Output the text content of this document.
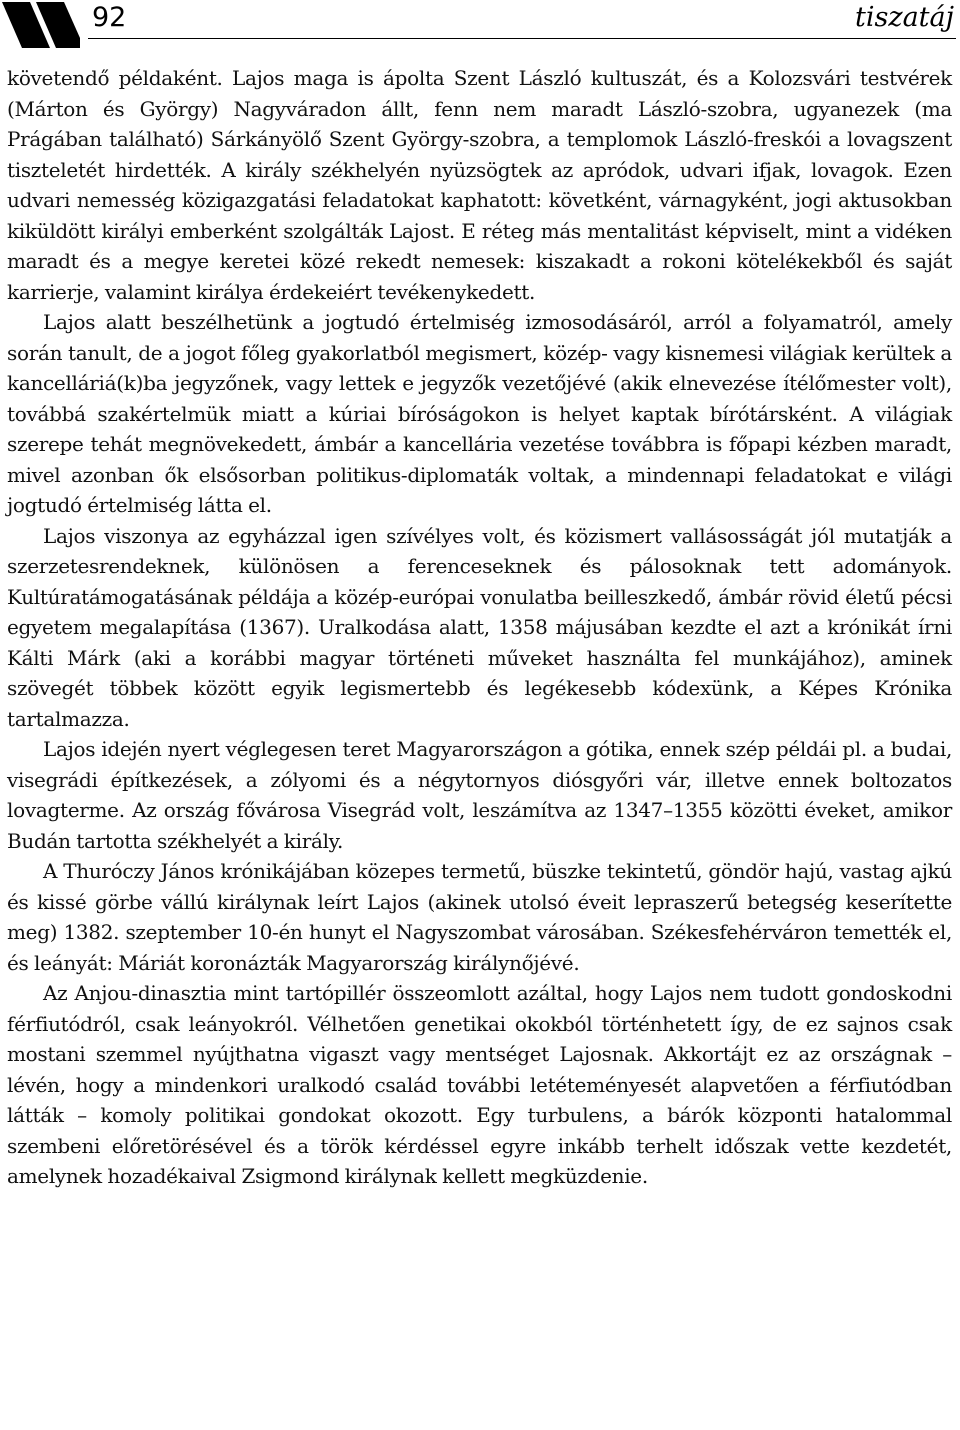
92	tiszatáj

követendő példaként. Lajos maga is ápolta Szent László kultuszát, és a Kolozsvári testvérek (Márton és György) Nagyváradon állt, fenn nem maradt László-szobra, ugyanezek (ma Prágában található) Sárkányölő Szent György-szobra, a templomok László-freskói a lovagszent tiszteletét hirdették. A király székhelyén nyüzsögtek az apródok, udvari ifjak, lovagok. Ezen udvari nemesség közigazgatási feladatokat kaphatott: követként, várnagyként, jogi aktusokban kiküldött királyi emberként szolgálták Lajost. E réteg más mentalitást képviselt, mint a vidéken maradt és a megye keretei közé rekedt nemesek: kiszakadt a rokoni kötelékekből és saját karrierje, valamint királya érdekeiért tevékenykedett.

Lajos alatt beszélhetünk a jogtudó értelmiség izmosodásáról, arról a folyamatról, amely során tanult, de a jogot főleg gyakorlatból megismert, közép- vagy kisnemesi világiak kerültek a kancelláriá(k)ba jegyzőnek, vagy lettek e jegyzők vezetőjévé (akik elnevezése ítélőmester volt), továbbá szakértelmük miatt a kúriai bíróságokon is helyet kaptak bírótársként. A világiak szerepe tehát megnövekedett, ámbár a kancellária vezetése továbbra is főpapi kézben maradt, mivel azonban ők elsősorban politikus-diplomaták voltak, a mindennapi feladatokat e világi jogtudó értelmiség látta el.

Lajos viszonya az egyházzal igen szívélyes volt, és közismert vallásosságát jól mutatják a szerzetesrendeknek, különösen a ferenceseknek és pálosoknak tett adományok. Kultúratámogatásának példája a közép-európai vonulatba beilleszkedő, ámbár rövid életű pécsi egyetem megalapítása (1367). Uralkodása alatt, 1358 májusában kezdte el azt a krónikát írni Kálti Márk (aki a korábbi magyar történeti műveket használta fel munkájához), aminek szövegét többek között egyik legismertebb és legékesebb kódexünk, a Képes Krónika tartalmazza.

Lajos idején nyert véglegesen teret Magyarországon a gótika, ennek szép példái pl. a budai, visegrádi építkezések, a zólyomi és a négytornyos diósgyőri vár, illetve ennek boltozatos lovagterme. Az ország fővárosa Visegrád volt, leszámítva az 1347–1355 közötti éveket, amikor Budán tartotta székhelyét a király.

A Thuróczy János krónikájában közepes termetű, büszke tekintetű, göndör hajú, vastag ajkú és kissé görbe vállú királynak leírt Lajos (akinek utolsó éveit lepraszerű betegség keserítette meg) 1382. szeptember 10-én hunyt el Nagyszombat városában. Székesfehérváron temették el, és leányát: Máriát koronázták Magyarország királynőjévé.

Az Anjou-dinasztia mint tartópillér összeomlott azáltal, hogy Lajos nem tudott gondoskodni férfiutódról, csak leányokról. Vélhetően genetikai okokból történhetett így, de ez sajnos csak mostani szemmel nyújthatna vigaszt vagy mentséget Lajosnak. Akkortájt ez az országnak – lévén, hogy a mindenkori uralkodó család további letéteményesét alapvetően a férfiutódban látták – komoly politikai gondokat okozott. Egy turbulens, a bárók központi hatalommal szembeni előretörésével és a török kérdéssel egyre inkább terhelt időszak vette kezdetét, amelynek hozadékaival Zsigmond királynak kellett megküzdenie.
